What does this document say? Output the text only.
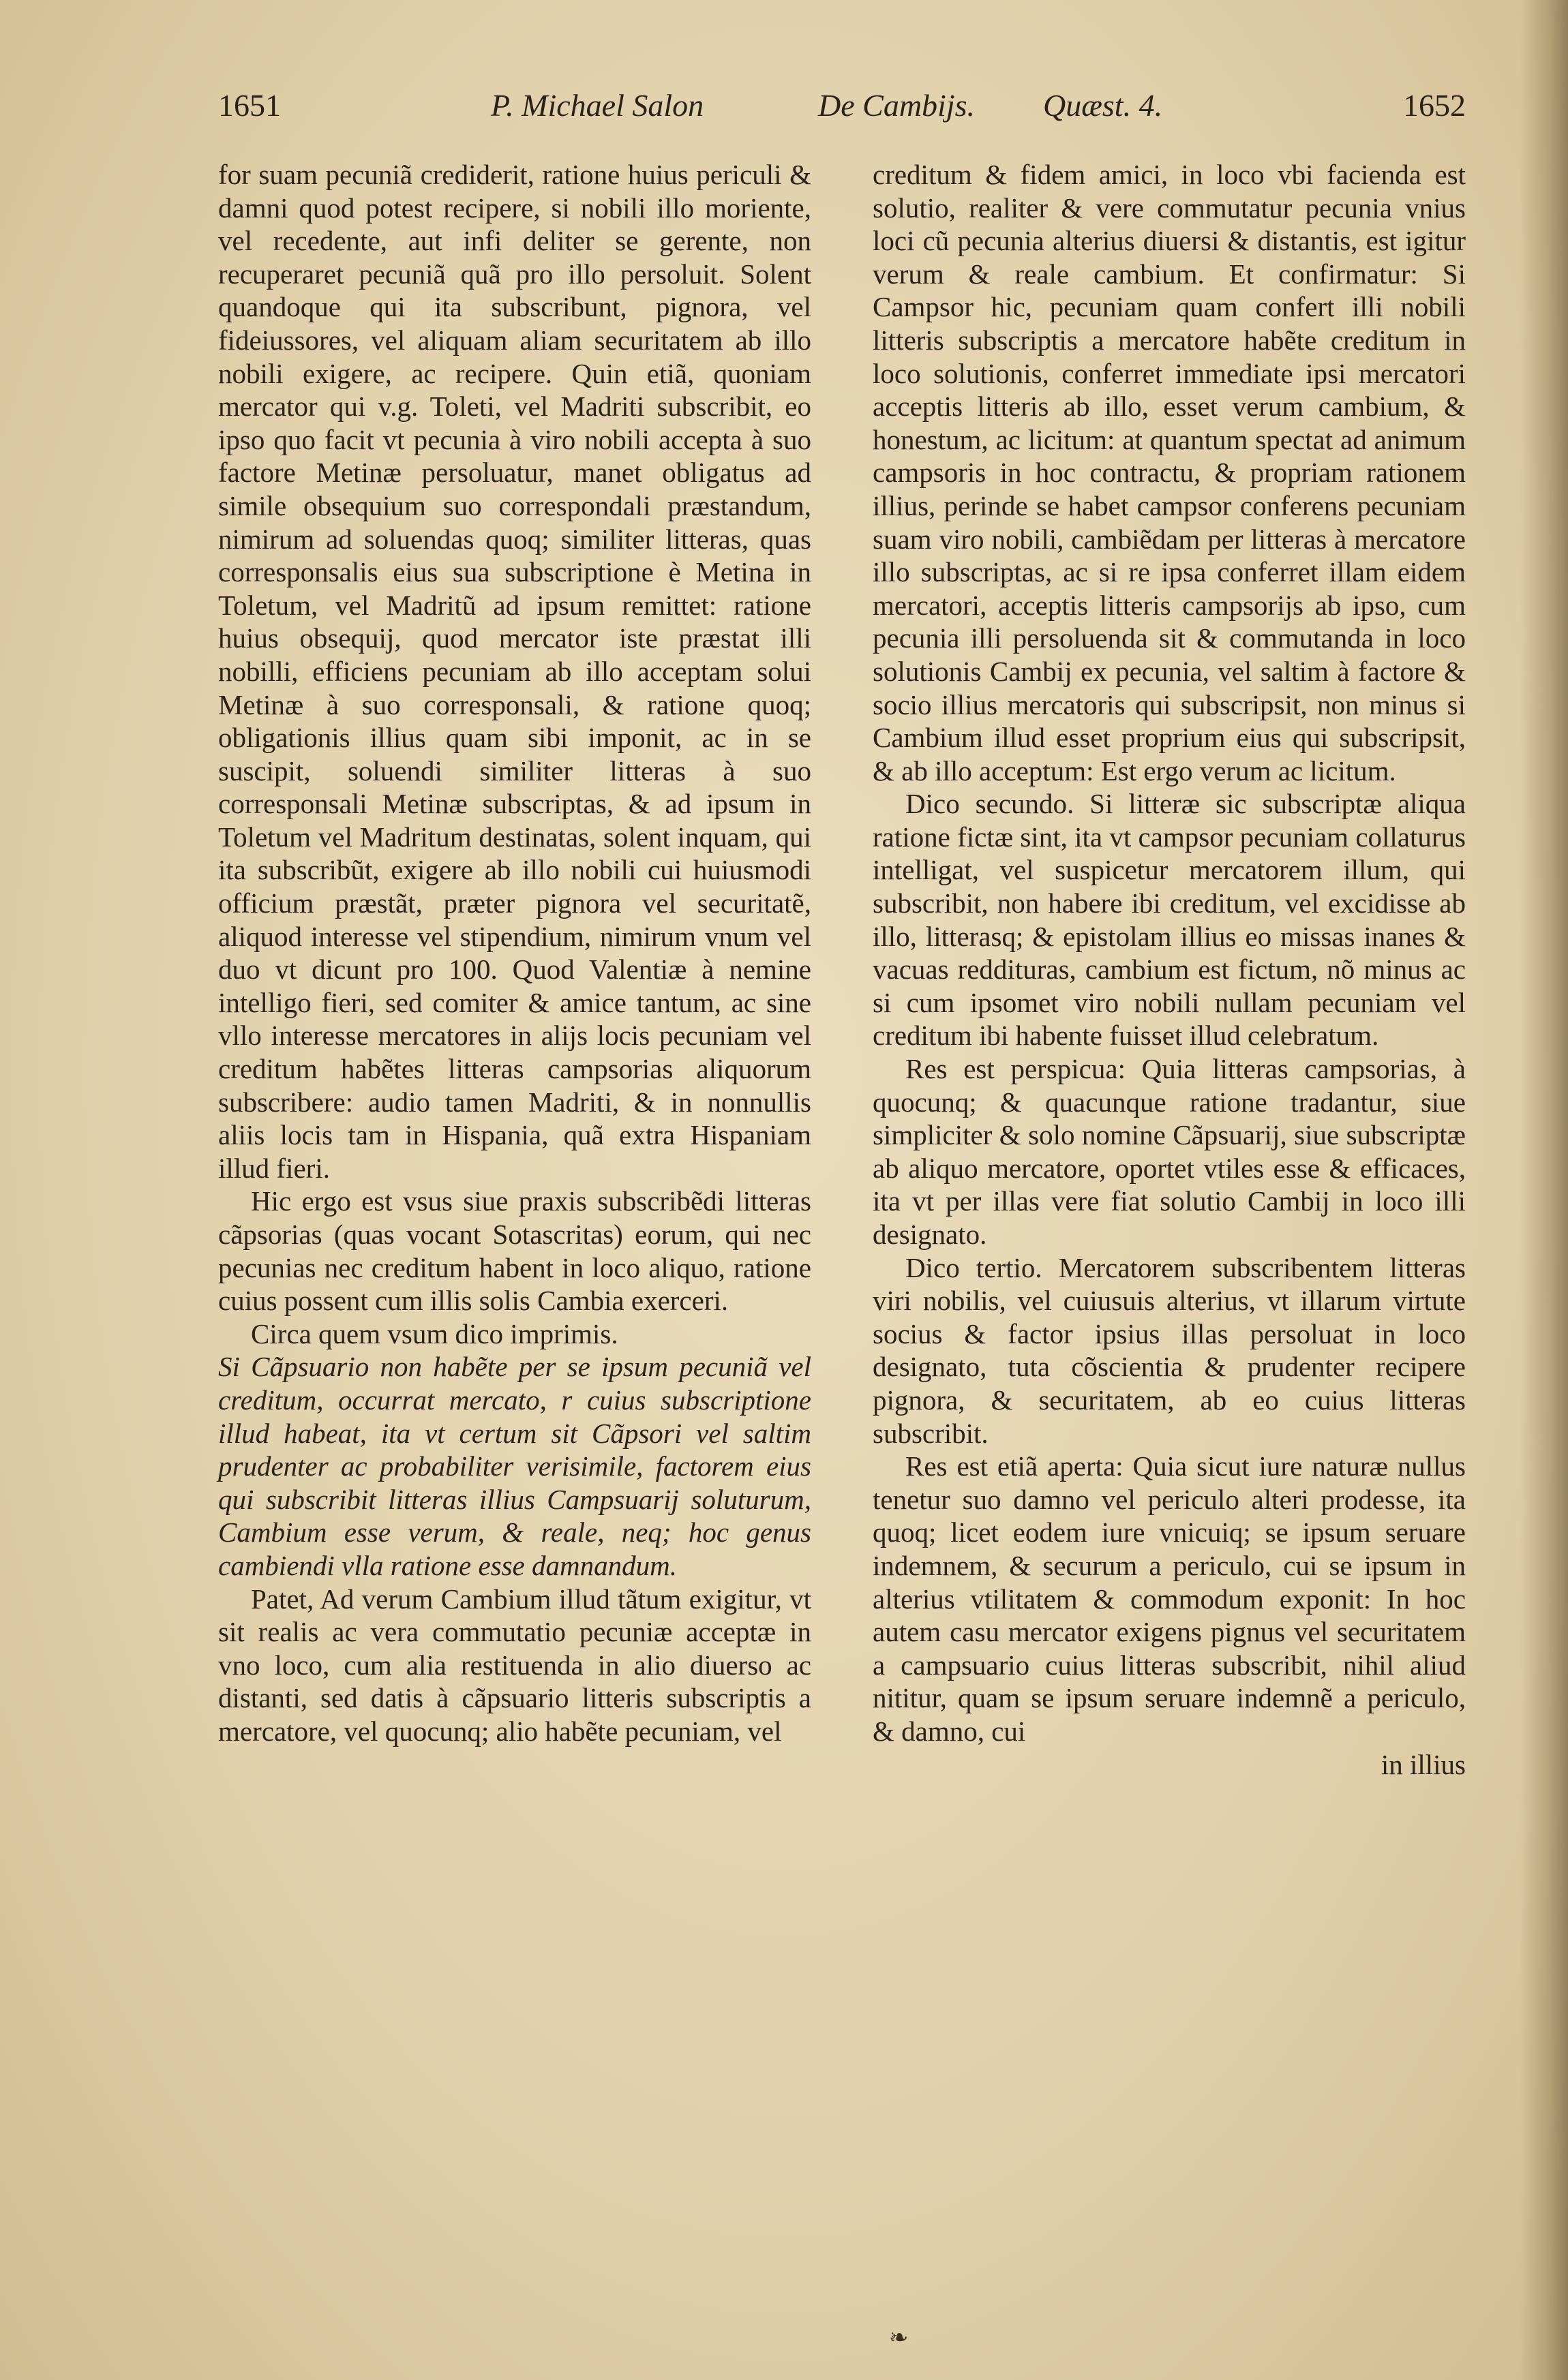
1651	P. Michael Salon	De Cambijs. Quæst. 4.	1652

for suam pecuniã crediderit, ratione huius periculi & damni quod potest recipere, si nobili illo moriente, vel recedente, aut infi deliter se gerente, non recuperaret pecuniã quã pro illo persoluit. Solent quandoque qui ita subscribunt, pignora, vel fideiussores, vel aliquam aliam securitatem ab illo nobili exigere, ac recipere. Quin etiã, quoniam mercator qui v.g. Toleti, vel Madriti subscribit, eo ipso quo facit vt pecunia à viro nobili accepta à suo factore Metinæ persoluatur, manet obligatus ad simile obsequium suo correspondali præstandum, nimirum ad soluendas quoq; similiter litteras, quas corresponsalis eius sua subscriptione è Metina in Toletum, vel Madritũ ad ipsum remittet: ratione huius obsequij, quod mercator iste præstat illi nobilli, efficiens pecuniam ab illo acceptam solui Metinæ à suo corresponsali, & ratione quoq; obligationis illius quam sibi imponit, ac in se suscipit, soluendi similiter litteras à suo corresponsali Metinæ subscriptas, & ad ipsum in Toletum vel Madritum destinatas, solent inquam, qui ita subscribũt, exigere ab illo nobili cui huiusmodi officium præstãt, præter pignora vel securitatẽ, aliquod interesse vel stipendium, nimirum vnum vel duo vt dicunt pro 100. Quod Valentiæ à nemine intelligo fieri, sed comiter & amice tantum, ac sine vllo interesse mercatores in alijs locis pecuniam vel creditum habẽtes litteras campsorias aliquorum subscribere: audio tamen Madriti, & in nonnullis aliis locis tam in Hispania, quã extra Hispaniam illud fieri.

Hic ergo est vsus siue praxis subscribẽdi litteras cãpsorias (quas vocant Sotascritas) eorum, qui nec pecunias nec creditum habent in loco aliquo, ratione cuius possent cum illis solis Cambia exerceri.

Circa quem vsum dico imprimis.

Si Cãpsuario non habẽte per se ipsum pecuniã vel creditum, occurrat mercato, r cuius subscriptione illud habeat, ita vt certum sit Cãpsori vel saltim prudenter ac probabiliter verisimile, factorem eius qui subscribit litteras illius Campsuarij soluturum, Cambium esse verum, & reale, neq; hoc genus cambiendi vlla ratione esse damnandum.

Patet, Ad verum Cambium illud tãtum exigitur, vt sit realis ac vera commutatio pecuniæ acceptæ in vno loco, cum alia restituenda in alio diuerso ac distanti, sed datis à cãpsuario litteris subscriptis a mercatore, vel quocunq; alio habẽte pecuniam, vel

creditum & fidem amici, in loco vbi facienda est solutio, realiter & vere commutatur pecunia vnius loci cũ pecunia alterius diuersi & distantis, est igitur verum & reale cambium. Et confirmatur: Si Campsor hic, pecuniam quam confert illi nobili litteris subscriptis a mercatore habẽte creditum in loco solutionis, conferret immediate ipsi mercatori acceptis litteris ab illo, esset verum cambium, & honestum, ac licitum: at quantum spectat ad animum campsoris in hoc contractu, & propriam rationem illius, perinde se habet campsor conferens pecuniam suam viro nobili, cambiẽdam per litteras à mercatore illo subscriptas, ac si re ipsa conferret illam eidem mercatori, acceptis litteris campsorijs ab ipso, cum pecunia illi persoluenda sit & commutanda in loco solutionis Cambij ex pecunia, vel saltim à factore & socio illius mercatoris qui subscripsit, non minus si Cambium illud esset proprium eius qui subscripsit, & ab illo acceptum: Est ergo verum ac licitum.

Dico secundo. Si litteræ sic subscriptæ aliqua ratione fictæ sint, ita vt campsor pecuniam collaturus intelligat, vel suspicetur mercatorem illum, qui subscribit, non habere ibi creditum, vel excidisse ab illo, litterasq; & epistolam illius eo missas inanes & vacuas reddituras, cambium est fictum, nõ minus ac si cum ipsomet viro nobili nullam pecuniam vel creditum ibi habente fuisset illud celebratum.

Res est perspicua: Quia litteras campsorias, à quocunq; & quacunque ratione tradantur, siue simpliciter & solo nomine Cãpsuarij, siue subscriptæ ab aliquo mercatore, oportet vtiles esse & efficaces, ita vt per illas vere fiat solutio Cambij in loco illi designato.

Dico tertio. Mercatorem subscribentem litteras viri nobilis, vel cuiusuis alterius, vt illarum virtute socius & factor ipsius illas persoluat in loco designato, tuta cõscientia & prudenter recipere pignora, & securitatem, ab eo cuius litteras subscribit.

Res est etiã aperta: Quia sicut iure naturæ nullus tenetur suo damno vel periculo alteri prodesse, ita quoq; licet eodem iure vnicuiq; se ipsum seruare indemnem, & securum a periculo, cui se ipsum in alterius vtilitatem & commodum exponit: In hoc autem casu mercator exigens pignus vel securitatem a campsuario cuius litteras subscribit, nihil aliud nititur, quam se ipsum seruare indemnẽ a periculo, & damno, cui

in illius

❧
